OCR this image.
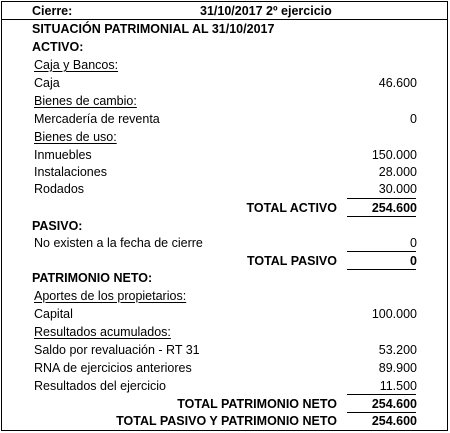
Cierre:	31/10/2017 2º ejercicio
SITUACIÓN PATRIMONIAL AL 31/10/2017
ACTIVO:
Caja y Bancos:
Caja	46.600
Bienes de cambio:
Mercadería de reventa	0
Bienes de uso:
Inmuebles	150.000
Instalaciones	28.000
Rodados	30.000
TOTAL ACTIVO	254.600
PASIVO:
No existen a la fecha de cierre	0
TOTAL PASIVO	0
PATRIMONIO NETO:
Aportes de los propietarios:
Capital	100.000
Resultados acumulados:
Saldo por revaluación - RT 31	53.200
RNA de ejercicios anteriores	89.900
Resultados del ejercicio	11.500
TOTAL PATRIMONIO NETO	254.600
TOTAL PASIVO Y PATRIMONIO NETO	254.600
